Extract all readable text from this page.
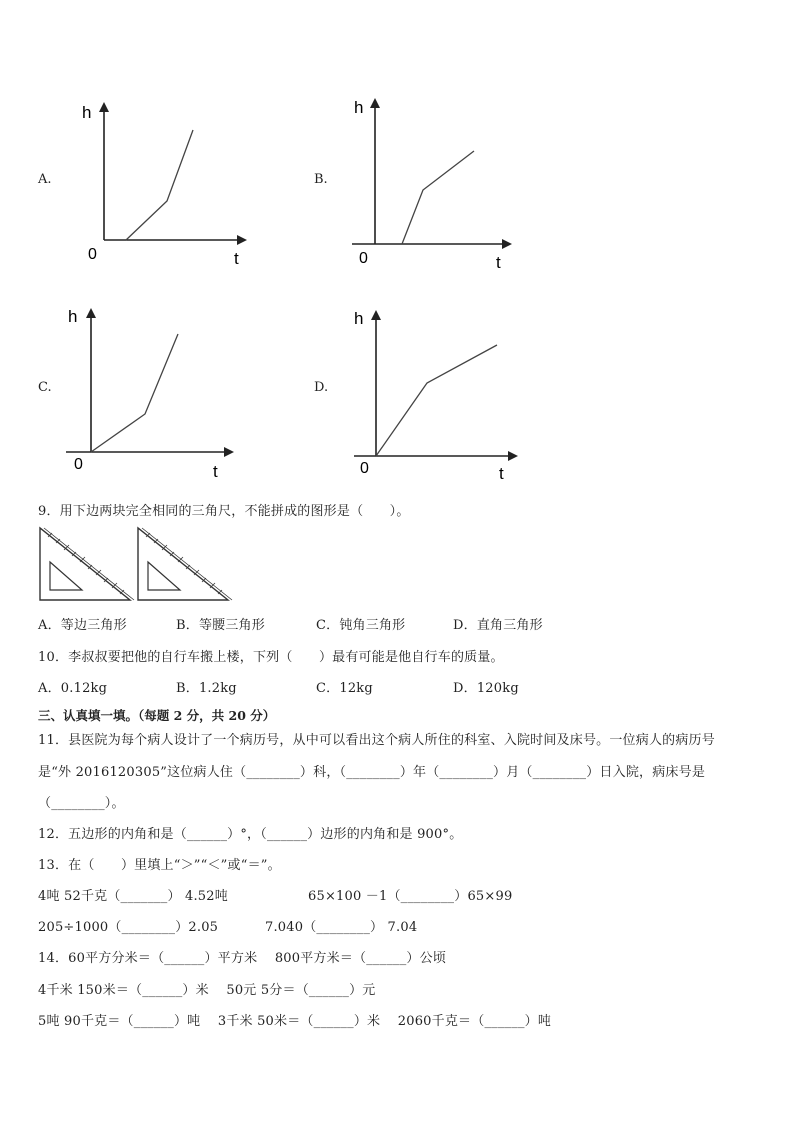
A.	B.
C.	D.
h
t
0
h
t
0
h
t
0
h
t
0
9．用下边两块完全相同的三角尺，不能拼成的图形是（　　）。
A．等边三角形	B．等腰三角形	C．钝角三角形	D．直角三角形
10．李叔叔要把他的自行车搬上楼，下列（　　）最有可能是他自行车的质量。
A．0.12kg	B．1.2kg	C．12kg	D．120kg
三、认真填一填。（每题 2 分，共 20 分）
11．县医院为每个病人设计了一个病历号，从中可以看出这个病人所住的科室、入院时间及床号。一位病人的病历号
是“外 2016120305”这位病人住（________）科，（________）年（________）月（________）日入院，病床号是
（________）。
12．五边形的内角和是（______）°，（______）边形的内角和是 900°。
13．在（　　）里填上“＞”“＜”或“＝”。
4吨 52千克（_______） 4.52吨	65×100 －1（________）65×99
205÷1000（________）2.05	7.040（________） 7.04
14．60平方分米＝（______）平方米　 800平方米＝（______）公顷
4千米 150米＝（______）米　 50元 5分＝（______）元
5吨 90千克＝（______）吨　 3千米 50米＝（______）米　 2060千克＝（______）吨
